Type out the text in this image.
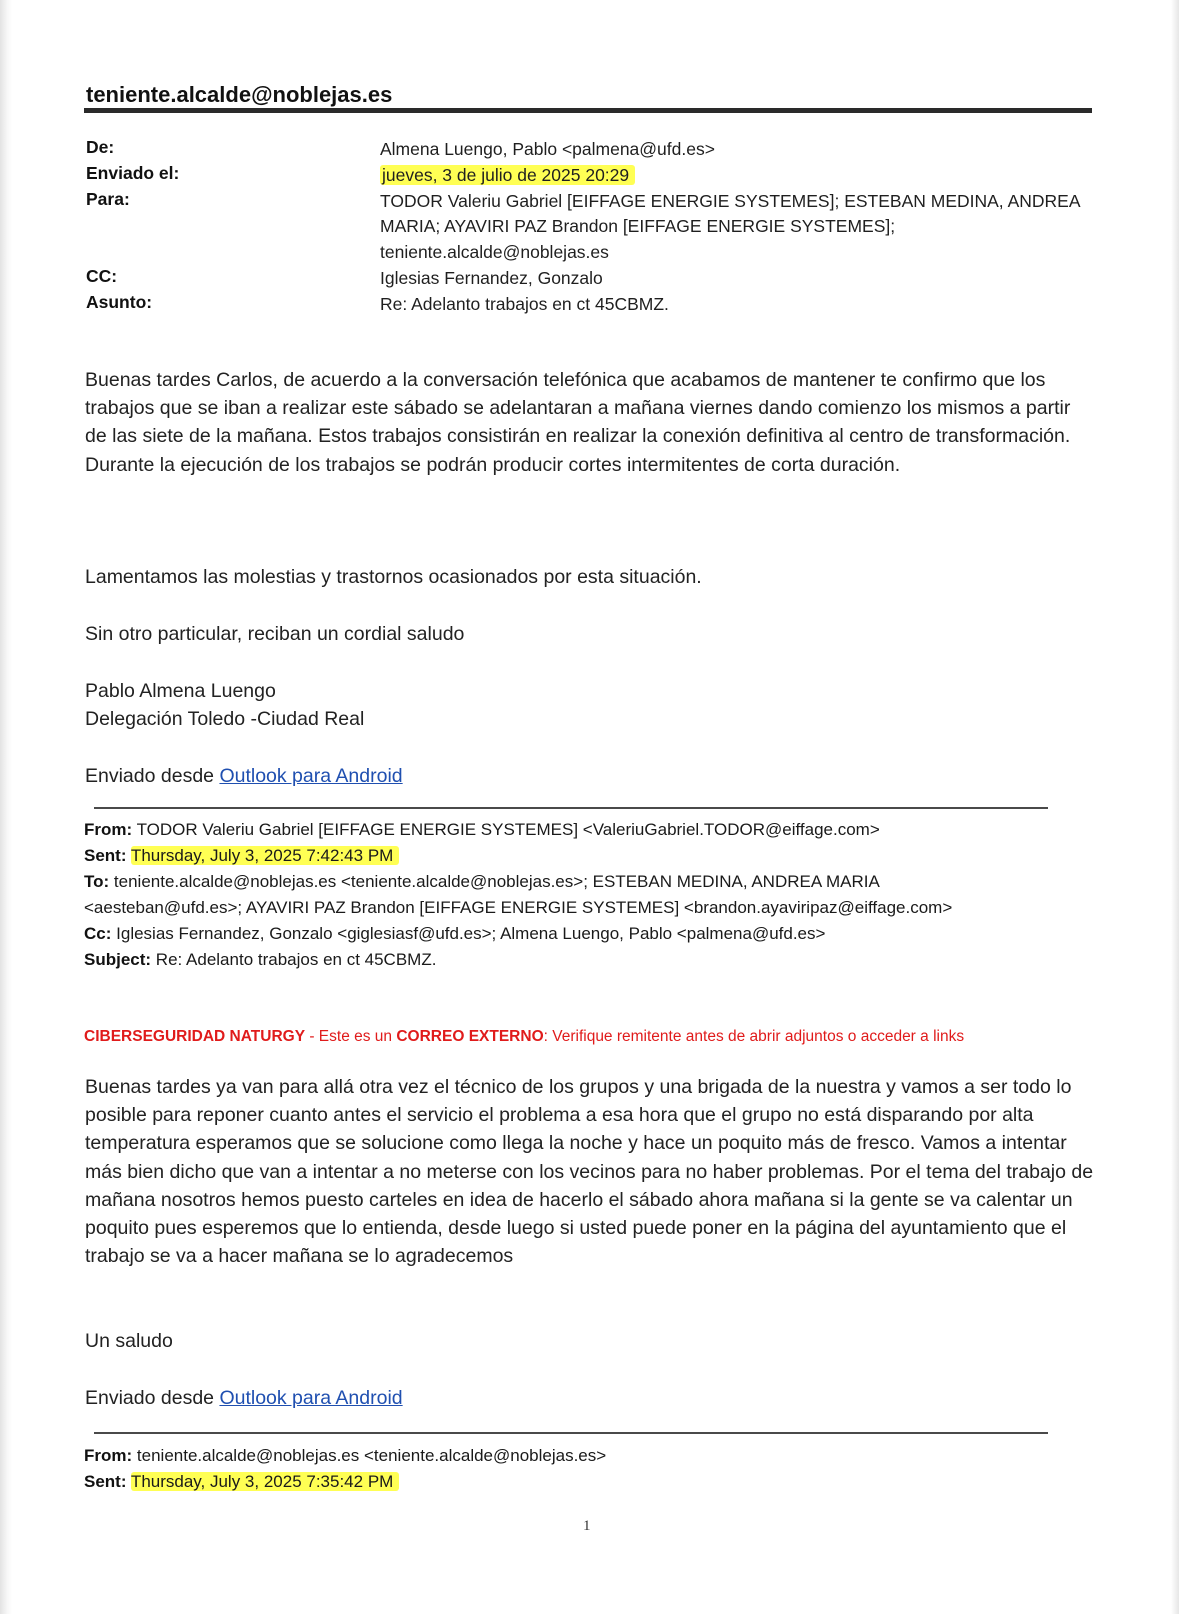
teniente.alcalde@noblejas.es
De:
Enviado el:
Para:
CC:
Asunto:
Almena Luengo, Pablo <palmena@ufd.es>
jueves, 3 de julio de 2025 20:29
TODOR Valeriu Gabriel [EIFFAGE ENERGIE SYSTEMES]; ESTEBAN MEDINA, ANDREA
MARIA; AYAVIRI PAZ Brandon [EIFFAGE ENERGIE SYSTEMES];
teniente.alcalde@noblejas.es
Iglesias Fernandez, Gonzalo
Re: Adelanto trabajos en ct 45CBMZ.

Buenas tardes Carlos, de acuerdo a la conversación telefónica que acabamos de mantener te confirmo que los trabajos que se iban a realizar este sábado se adelantaran a mañana viernes dando comienzo los mismos a partir de las siete de la mañana. Estos trabajos consistirán en realizar la conexión definitiva al centro de transformación. Durante la ejecución de los trabajos se podrán producir cortes intermitentes de corta duración.

Lamentamos las molestias y trastornos ocasionados por esta situación.

Sin otro particular, reciban un cordial saludo

Pablo Almena Luengo

Delegación Toledo -Ciudad Real

Enviado desde Outlook para Android

From: TODOR Valeriu Gabriel [EIFFAGE ENERGIE SYSTEMES] <ValeriuGabriel.TODOR@eiffage.com>
Sent: Thursday, July 3, 2025 7:42:43 PM
To: teniente.alcalde@noblejas.es <teniente.alcalde@noblejas.es>; ESTEBAN MEDINA, ANDREA MARIA
<aesteban@ufd.es>; AYAVIRI PAZ Brandon [EIFFAGE ENERGIE SYSTEMES] <brandon.ayaviripaz@eiffage.com>
Cc: Iglesias Fernandez, Gonzalo <giglesiasf@ufd.es>; Almena Luengo, Pablo <palmena@ufd.es>
Subject: Re: Adelanto trabajos en ct 45CBMZ.
CIBERSEGURIDAD NATURGY - Este es un CORREO EXTERNO: Verifique remitente antes de abrir adjuntos o acceder a links

Buenas tardes ya van para allá otra vez el técnico de los grupos y una brigada de la nuestra y vamos a ser todo lo posible para reponer cuanto antes el servicio el problema a esa hora que el grupo no está disparando por alta temperatura esperamos que se solucione como llega la noche y hace un poquito más de fresco. Vamos a intentar más bien dicho que van a intentar a no meterse con los vecinos para no haber problemas. Por el tema del trabajo de mañana nosotros hemos puesto carteles en idea de hacerlo el sábado ahora mañana si la gente se va calentar un poquito pues esperemos que lo entienda, desde luego si usted puede poner en la página del ayuntamiento que el trabajo se va a hacer mañana se lo agradecemos

Un saludo

Enviado desde Outlook para Android

From: teniente.alcalde@noblejas.es <teniente.alcalde@noblejas.es>
Sent: Thursday, July 3, 2025 7:35:42 PM
1
